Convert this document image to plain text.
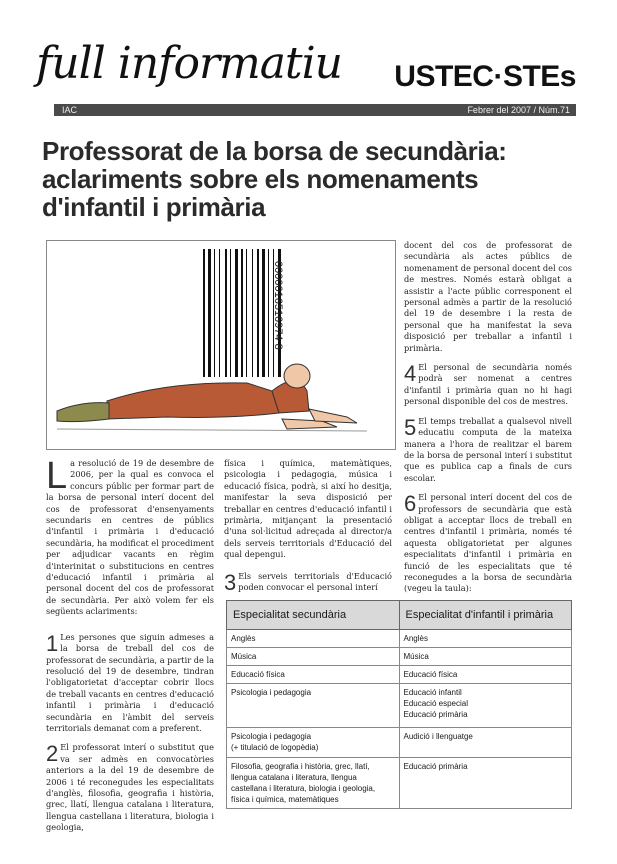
full informatiu USTEC·STEs
IAC	Febrer del 2007 / Núm.71
Professorat de la borsa de secundària:
aclariments sobre els nomenaments
d'infantil i primària
0000016516974 8

La resolució de 19 de desembre de 2006, per la qual es convoca el concurs públic per formar part de la borsa de personal interí docent del cos de professorat d'ensenyaments secundaris en centres de públics d'infantil i primària i d'educació secundària, ha modificat el procediment per adjudicar vacants en règim d'interinitat o substitucions en centres d'educació infantil i primària al personal docent del cos de professorat de secundària. Per això volem fer els següents aclariments:

1 Les persones que siguin admeses a la borsa de treball del cos de professorat de secundària, a partir de la resolució del 19 de desembre, tindran l'obligatorietat d'acceptar cobrir llocs de treball vacants en centres d'educació infantil i primària i d'educació secundària en l'àmbit del serveis territorials demanat com a preferent.

2 El professorat interí o substitut que va ser admès en convocatòries anteriors a la del 19 de desembre de 2006 i té reconegudes les especialitats d'anglès, filosofia, geografia i història, grec, llatí, llengua catalana i literatura, llengua castellana i literatura, biologia i geologia,

física i química, matemàtiques, psicologia i pedagogia, música i educació física, podrà, si així ho desitja, manifestar la seva disposició per treballar en centres d'educació infantil i primària, mitjançant la presentació d'una sol·licitud adreçada al director/a dels serveis territorials d'Educació del qual depengui.

3 Els serveis territorials d'Educació poden convocar el personal interí

docent del cos de professorat de secundària als actes públics de nomenament de personal docent del cos de mestres. Només estarà obligat a assistir a l'acte públic corresponent el personal admès a partir de la resolució del 19 de desembre i la resta de personal que ha manifestat la seva disposició per treballar a infantil i primària.

4 El personal de secundària només podrà ser nomenat a centres d'infantil i primària quan no hi hagi personal disponible del cos de mestres.

5 El temps treballat a qualsevol nivell educatiu computa de la mateixa manera a l'hora de realitzar el barem de la borsa de personal interí i substitut que es publica cap a finals de curs escolar.

6 El personal interí docent del cos de professors de secundària que està obligat a acceptar llocs de treball en centres d'infantil i primària, només té aquesta obligatorietat per algunes especialitats d'infantil i primària en funció de les especialitats que té reconegudes a la borsa de secundària (vegeu la taula):

Especialitat secundària	Especialitat d'infantil i primària
Anglès	Anglès
Música	Música
Educació física	Educació física
Psicologia i pedagogia	Educació infantil
Educació especial
Educació primària
Psicologia i pedagogia
(+ titulació de logopèdia)	Audició i llenguatge
Filosofia, geografia i història, grec, llatí, llengua catalana i literatura, llengua castellana i literatura, biologia i geologia, física i química, matemàtiques	Educació primària
